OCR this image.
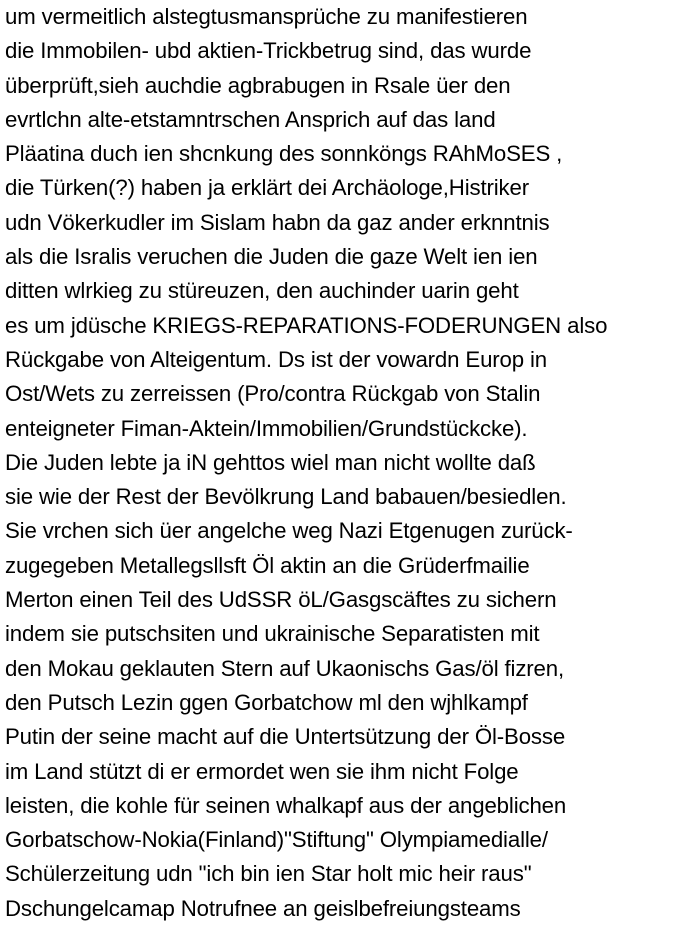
um vermeitlich alstegtusmansprüche zu manifestieren
die Immobilen- ubd aktien-Trickbetrug sind, das wurde
überprüft,sieh auchdie agbrabugen in Rsale üer den
evrtlchn alte-etstamntrschen Ansprich auf das land
Pläatina duch ien shcnkung des sonnköngs RAhMoSES ,
die Türken(?) haben ja erklärt dei Archäologe,Histriker
udn Vökerkudler im Sislam habn da gaz ander erknntnis
als die Isralis veruchen die Juden die gaze Welt ien ien
ditten wlrkieg zu stüreuzen, den auchinder uarin geht
es um jdüsche KRIEGS-REPARATIONS-FODERUNGEN also
Rückgabe von Alteigentum. Ds ist der vowardn Europ in
Ost/Wets zu zerreissen (Pro/contra Rückgab von Stalin
enteigneter Fiman-Aktein/Immobilien/Grundstückcke).
Die Juden lebte ja iN gehttos wiel man nicht wollte daß
sie wie der Rest der Bevölkrung Land babauen/besiedlen.
Sie vrchen sich üer angelche weg Nazi Etgenugen zurück-
zugegeben Metallegsllsft Öl aktin an die Grüderfmailie
Merton einen Teil des UdSSR öL/Gasgscäftes zu sichern
indem sie putschsiten und ukrainische Separatisten mit
den Mokau geklauten Stern auf Ukaonischs Gas/öl fizren,
den Putsch Lezin ggen Gorbatchow ml den wjhlkampf
Putin der seine macht auf die Untertsützung der Öl-Bosse
im Land stützt di er ermordet wen sie ihm nicht Folge
leisten, die kohle für seinen whalkapf aus der angeblichen
Gorbatschow-Nokia(Finland)"Stiftung" Olympiamedialle/
Schülerzeitung udn "ich bin ien Star holt mic heir raus"
Dschungelcamap Notrufnee an geislbefreiungsteams
